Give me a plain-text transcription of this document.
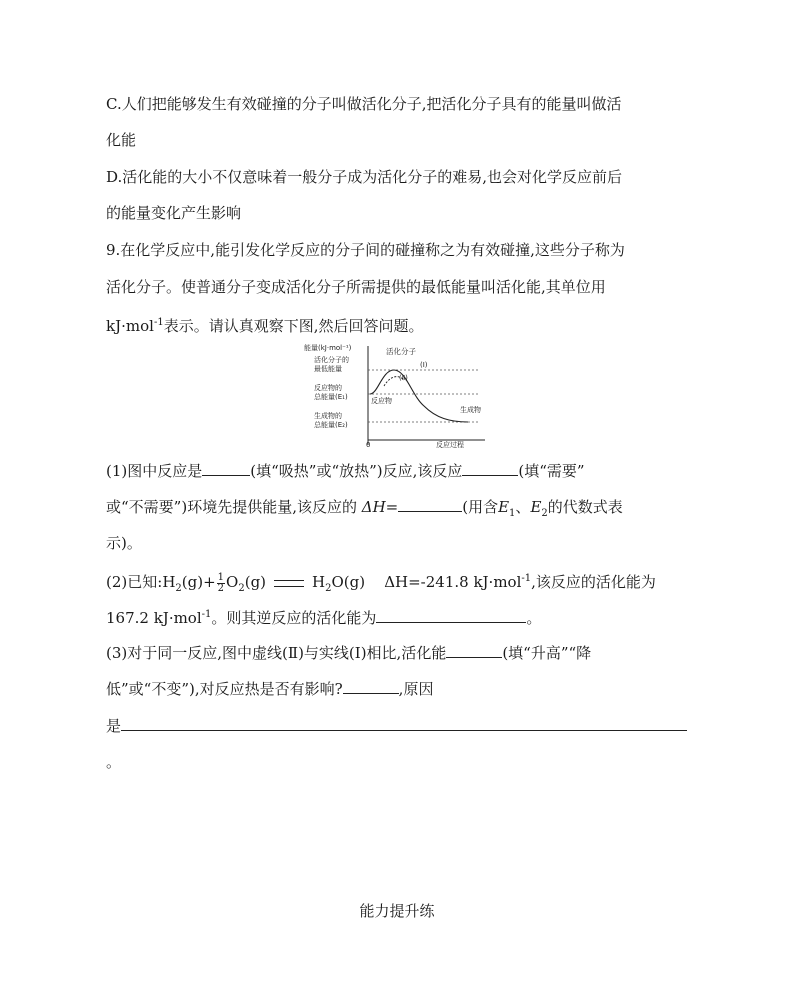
C.人们把能够发生有效碰撞的分子叫做活化分子,把活化分子具有的能量叫做活
化能
D.活化能的大小不仅意味着一般分子成为活化分子的难易,也会对化学反应前后
的能量变化产生影响
9.在化学反应中,能引发化学反应的分子间的碰撞称之为有效碰撞,这些分子称为
活化分子。使普通分子变成活化分子所需提供的最低能量叫活化能,其单位用
kJ·mol$^{-1}$表示。请认真观察下图,然后回答问题。
能量(kJ·mol⁻¹)
活化分子的
最低能量
活化分子
(Ⅰ)
(Ⅱ)
反应物的
总能量(E₁)	反应物
生成物的
总能量(E₂)
生成物
0	反应过程
(1)图中反应是	(填“吸热”或“放热”)反应,该反应	(填“需要”
或“不需要”)环境先提供能量,该反应的 ΔH=	(用含$E_1$、$E_2$的代数式表
示)。
(2)已知$:H_2(g)+ \frac{1}{2} O_2(g)$	$H_2O(g)$ ΔH=-241.8 kJ·mol$^{-1}$,该反应的活化能为
167.2 kJ·mol$^{-1}$。则其逆反应的活化能为	。
(3)对于同一反应,图中虚线(Ⅱ)与实线(Ⅰ)相比,活化能	(填“升高”“降
低”或“不变”),对反应热是否有影响?	,原因
是
。
能力提升练
